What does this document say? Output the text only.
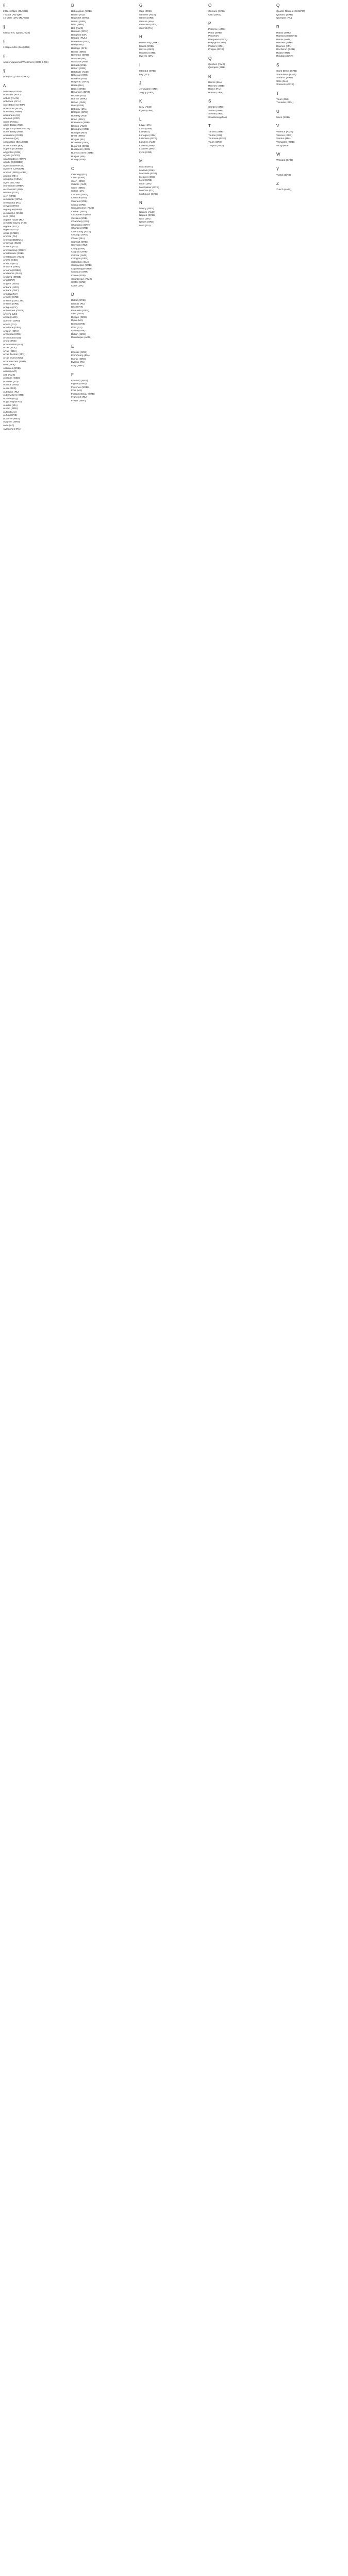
§
2 Decembrie (RU-KG)
7 Apart (AU-QP)
10 Mars (MA) (RU-KG)
§
Olimar 6 C (Q) (AU-MS)
§
4 Septembre (MA) (RU)
§
Après-Vaguemal Wiedmers (GER-E-RE)
§
Ahe (SR) (GER-MAKS)
A
Aabben (AOFM)
Abbottes (AF-U)
Abbott (AU-M)
Abbottes (AF-U)
Aberdahre (CHMP)
Abbotsbol (AU-M)
Aberlad (CHMP)
Abreunes (AU)
Abeiselli (SRG)
Abies (RKSL)
Abies Balap (RU)
Abgyrkos (ANMUFSUB)
Ablas Balap (RU)
Abrambos (OGD)
Adelaide (QA)
Adrenaline (BKASKO)
Addis Ababa (BY)
Adjams (SUNBB)
Aégyptes (RSB)
Agadir (AOFP)
Agarhaddes (AOFP)
Aggdu (CSSBBB)
Agrinon (UHARSL)
Aguerre (UANCM)
Ahmad (SRB) (AJBB)
Albanie (MA)
Agustinoi (ASMU)
Agen (BOJTB)
Aluminium (SRBK)
Alcoholshitz (RU)
Albania (RUL)
Alert (MFB)
Alexander (SRM)
Alexandria (RU)
Aleypo (SRG)
Algerique (MKB)
Alexandrie (CNB)
Alès (KSL)
Algérie Haute (RU)
Alegrete Savey (KSI)
Algeria (SSC)
Algiers (SVD)
Alkad (SRBE)
Ammar (RU)
Ammon (BZBMU)
Ampyrad (SUB)
Amiens (RU)
Ammanwing (SRKN)
Amsterdam (SRB)
Amsterdam (AMS)
Ammo (SSS)
Ancona (RU)
Andorra (MKB)
Ancona (SRBB)
Andalucía (SUK)
Andorra (SRBB)
Ang (CNF)
Angers (SUB)
Ankara (AGS)
Ankara (CNF)
Annaba (MA)
Annecy (SRB)
Antibes (GBCLUE)
Antibes (SRB)
Antigua (CZ)
Antwerpen (GEEL)
Anvers (MN)
Aosta (AMS)
Apennin (SRM)
Aqaba (RU)
Aquitaine (SFK)
Aragon (SRK)
Arcachon (SRK)
Arcachon (AJB)
Arles (SRB)
Armentières (MA)
Arras (RUL)
Arras (SRK)
Arras Tucson (SFK)
Arras Ouest (MN)
Arromanches (SRB)
Asia (SFK)
Asnières (SRB)
Assisi (AVC)
Asti (AMS)
Athènes (SSB)
Athènes (RU)
Atlanta (SRB)
Auch (SSS)
Aubagne (RU)
Aubervilliers (SRB)
Auchan (BQ)
Augsburg (BVG)
Aurillac (MA)
Austin (SRB)
Auteuil (AU)
Autun (SRB)
Auxerre (AMS)
Avignon (SRB)
Avila (AF)
Avranches (RU)
B
Babaugeon (SRB)
Baden (RU)
Bagnolet (SRK)
Balard (SRB)
Bâle (SRB)
Bali (AMS)
Bamako (SRK)
Bangkok (MA)
Bangor (RUL)
Barcelone (SRB)
Bari (AMS)
Barrage (SFK)
Bastia (SRB)
Bayonne (SRB)
Beaune (MA)
Beauvais (RU)
Belfast (SRB)
Belfort (SRB)
Belgrade (AMS)
Bellevue (SRK)
Benares (RU)
Bergerac (SRB)
Berlin (MA)
Berne (SRB)
Besançon (SRB)
Béziers (RU)
Biarritz (SRK)
Bilbao (AMS)
Blois (SRB)
Bobigny (MA)
Bologne (SRB)
Bombay (RU)
Bonn (SRK)
Bordeaux (SRB)
Boston (AMS)
Boulogne (SRB)
Bourges (MA)
Brest (SRB)
Bruges (RU)
Bruxelles (SRK)
Bucarest (SRB)
Budapest (AMS)
Buenos Aires (SRB)
Burgos (MA)
Bourg (SRB)
C
Cabourg (RU)
Cadix (SRK)
Caen (SRB)
Cahors (AMS)
Caire (SRB)
Calais (MA)
Calcutta (SRB)
Cambrai (RU)
Cannes (SRK)
Cantal (SRB)
Carcassonne (AMS)
Carnac (SRB)
Casablanca (MA)
Castres (SRB)
Chambéry (RU)
Chamonix (SRK)
Chartres (SRB)
Cherbourg (AMS)
Chicago (SRB)
Cholet (MA)
Clamart (SRB)
Clermont (RU)
Cluny (SRK)
Cognac (SRB)
Colmar (AMS)
Cologne (SRB)
Colombes (MA)
Compiègne (SRB)
Copenhague (RU)
Cordoue (SRK)
Corse (SRB)
Courbevoie (AMS)
Créteil (SRB)
Cuba (MA)
D
Dakar (SRB)
Damas (RU)
Dax (SRK)
Deauville (SRB)
Delft (AMS)
Dieppe (SRB)
Dijon (MA)
Dinan (SRB)
Dole (RU)
Douai (SRK)
Dublin (SRB)
Dunkerque (AMS)
E
Écosse (SRB)
Édimbourg (MA)
Épinal (SRB)
Évreux (RU)
Évry (SRK)
F
Fécamp (SRB)
Figeac (AMS)
Florence (SRB)
Foix (MA)
Fontainebleau (SRB)
Francfort (RU)
Fréjus (SRK)
G
Gap (SRB)
Genève (AMS)
Gênes (SRB)
Grasse (MA)
Grenoble (SRB)
Guéret (RU)
H
Hambourg (SRK)
Hanoï (SRB)
Havre (AMS)
Honfleur (SRB)
Hyères (MA)
I
Istanbul (SRB)
Ivry (RU)
J
Jérusalem (SRK)
Joigny (SRB)
K
Kiev (AMS)
Kyoto (SRB)
L
Laval (MA)
Lens (SRB)
Lille (RU)
Limoges (SRK)
Lisbonne (SRB)
Londres (AMS)
Lorient (SRB)
Lourdes (MA)
Lyon (SRB)
M
Mâcon (RU)
Madrid (SRK)
Marseille (SRB)
Meaux (AMS)
Metz (SRB)
Milan (MA)
Montpellier (SRB)
Moscou (RU)
Mulhouse (SRK)
N
Nancy (SRB)
Nantes (AMS)
Naples (SRB)
Nice (MA)
Nîmes (SRB)
Niort (RU)
O
Orléans (SRK)
Oslo (SRB)
P
Palerme (AMS)
Paris (SRB)
Pau (MA)
Périgueux (SRB)
Perpignan (RU)
Poitiers (SRK)
Prague (SRB)
Q
Québec (AMS)
Quimper (SRB)
R
Reims (MA)
Rennes (SRB)
Rome (RU)
Rouen (SRK)
S
Saintes (SRB)
Sedan (AMS)
Séville (SRB)
Strasbourg (MA)
T
Tarbes (SRB)
Toulon (RU)
Toulouse (SRK)
Tours (SRB)
Troyes (AMS)
Q
Quatre-Routes (CHMPM)
Québec (SRB)
Quimper (RU)
R
Rabat (SRK)
Rambouillet (SRB)
Reims (AMS)
Rennes (SRB)
Roanne (MA)
Rochefort (SRB)
Rodez (RU)
Roubaix (SRK)
S
Saint-Denis (SRB)
Saint-Malo (AMS)
Saumur (SRB)
Sète (MA)
Soissons (SRB)
T
Tours (RU)
Trouville (SRK)
U
Uzès (SRB)
V
Valence (AMS)
Vannes (SRB)
Verdun (MA)
Versailles (SRB)
Vichy (RU)
W
Wissant (SRK)
Y
Yvetot (SRB)
Z
Zurich (AMS)
